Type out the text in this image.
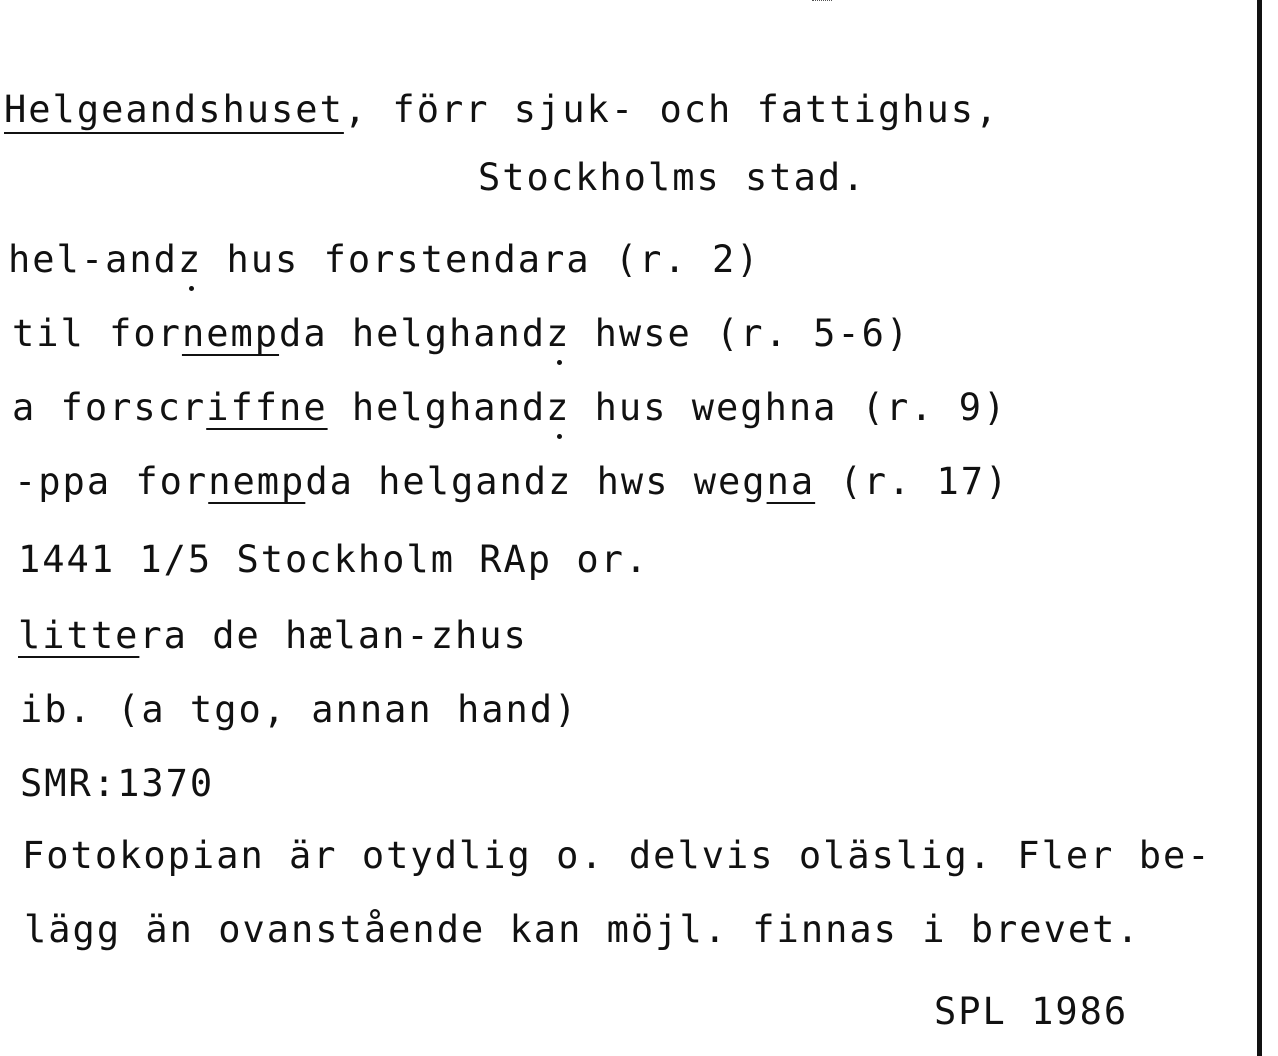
Helgeandshuset, förr sjuk- och fattighus,
Stockholms stad.
hel-andz hus forstendara (r. 2)
til fornempda helghandz hwse (r. 5-6)
a forscriffne helghandz hus weghna (r. 9)
-ppa fornempda helgandz hws wegna (r. 17)
1441 1/5 Stockholm RAp or.
littera de hælan-zhus
ib. (a tgo, annan hand)
SMR:1370
Fotokopian är otydlig o. delvis oläslig. Fler be-
lägg än ovanstående kan möjl. finnas i brevet.
SPL 1986
